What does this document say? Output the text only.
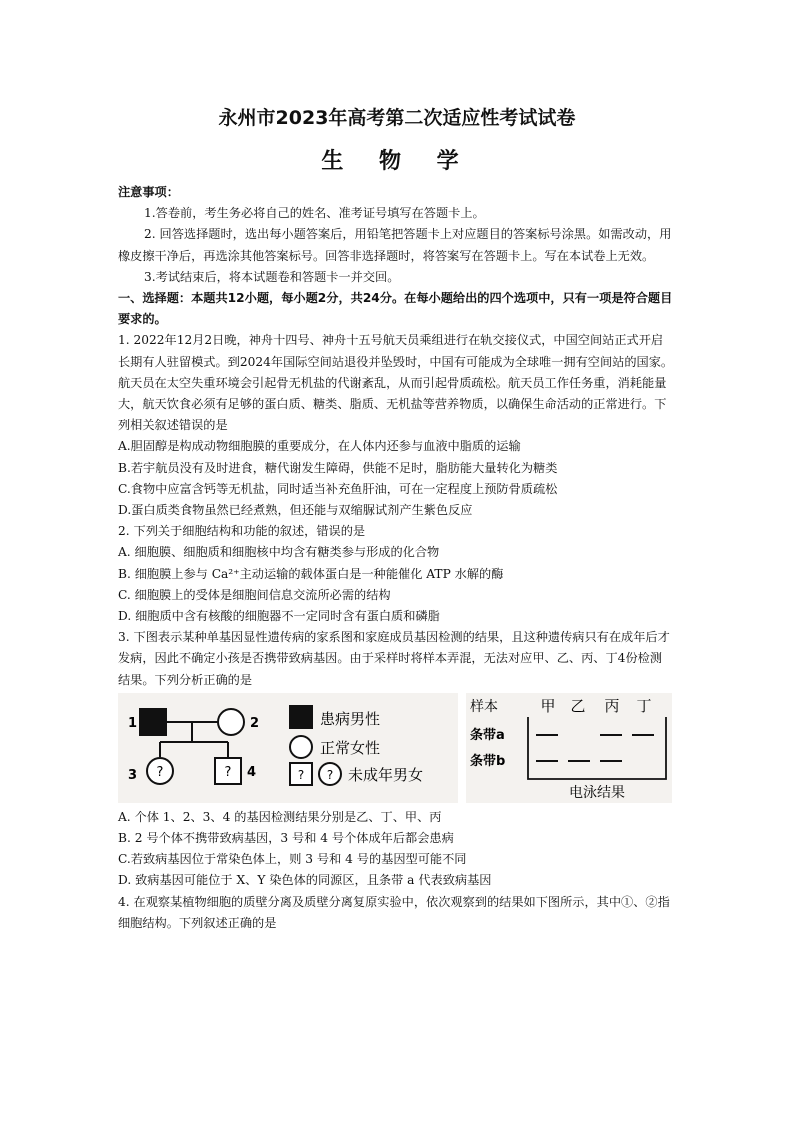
永州市2023年高考第二次适应性考试试卷
生 物 学

注意事项：

1.答卷前，考生务必将自己的姓名、准考证号填写在答题卡上。

2. 回答选择题时，选出每小题答案后，用铅笔把答题卡上对应题目的答案标号涂黑。如需改动，用橡皮擦干净后，再选涂其他答案标号。回答非选择题时，将答案写在答题卡上。写在本试卷上无效。

3.考试结束后，将本试题卷和答题卡一并交回。

一、选择题：本题共12小题，每小题2分，共24分。在每小题给出的四个选项中，只有一项是符合题目要求的。

1. 2022年12月2日晚，神舟十四号、神舟十五号航天员乘组进行在轨交接仪式，中国空间站正式开启长期有人驻留模式。到2024年国际空间站退役并坠毁时，中国有可能成为全球唯一拥有空间站的国家。航天员在太空失重环境会引起骨无机盐的代谢紊乱，从而引起骨质疏松。航天员工作任务重，消耗能量大，航天饮食必须有足够的蛋白质、糖类、脂质、无机盐等营养物质，以确保生命活动的正常进行。下列相关叙述错误的是

A.胆固醇是构成动物细胞膜的重要成分，在人体内还参与血液中脂质的运输

B.若宇航员没有及时进食，糖代谢发生障碍，供能不足时，脂肪能大量转化为糖类

C.食物中应富含钙等无机盐，同时适当补充鱼肝油，可在一定程度上预防骨质疏松

D.蛋白质类食物虽然已经煮熟，但还能与双缩脲试剂产生紫色反应

2. 下列关于细胞结构和功能的叙述，错误的是

A. 细胞膜、细胞质和细胞核中均含有糖类参与形成的化合物

B. 细胞膜上参与 Ca²⁺主动运输的载体蛋白是一种能催化 ATP 水解的酶

C. 细胞膜上的受体是细胞间信息交流所必需的结构

D. 细胞质中含有核酸的细胞器不一定同时含有蛋白质和磷脂

3. 下图表示某种单基因显性遗传病的家系图和家庭成员基因检测的结果，且这种遗传病只有在成年后才发病，因此不确定小孩是否携带致病基因。由于采样时将样本弄混，无法对应甲、乙、丙、丁4份检测结果。下列分析正确的是

1	2
3 ?	? 4
患病男性
正常女性
? ? 未成年男女
样本	甲 乙 丙 丁
条带a
条带b
电泳结果

A. 个体 1、2、3、4 的基因检测结果分别是乙、丁、甲、丙

B. 2 号个体不携带致病基因，3 号和 4 号个体成年后都会患病

C.若致病基因位于常染色体上，则 3 号和 4 号的基因型可能不同

D. 致病基因可能位于 X、Y 染色体的同源区，且条带 a 代表致病基因

4. 在观察某植物细胞的质壁分离及质壁分离复原实验中，依次观察到的结果如下图所示，其中①、②指细胞结构。下列叙述正确的是
